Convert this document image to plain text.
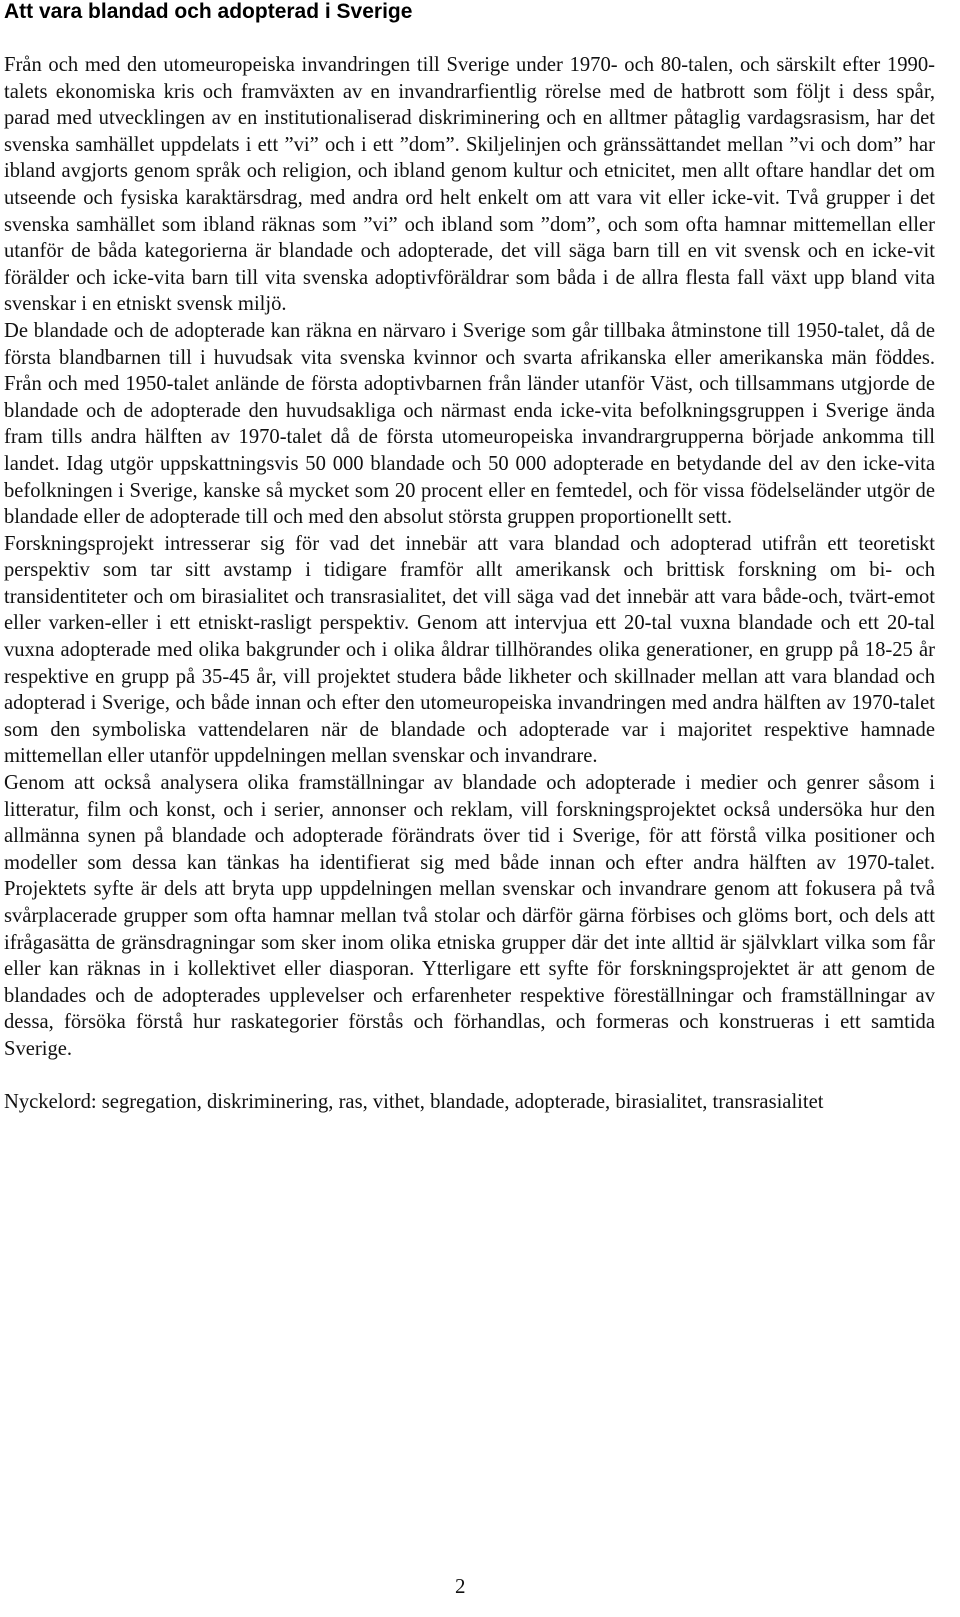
Att vara blandad och adopterad i Sverige

Från och med den utomeuropeiska invandringen till Sverige under 1970- och 80-talen, och särskilt efter 1990-talets ekonomiska kris och framväxten av en invandrarfientlig rörelse med de hatbrott som följt i dess spår, parad med utvecklingen av en institutionaliserad diskriminering och en alltmer påtaglig vardagsrasism, har det svenska samhället uppdelats i ett ”vi” och i ett ”dom”. Skiljelinjen och gränssättandet mellan ”vi och dom” har ibland avgjorts genom språk och religion, och ibland genom kultur och etnicitet, men allt oftare handlar det om utseende och fysiska karaktärsdrag, med andra ord helt enkelt om att vara vit eller icke-vit. Två grupper i det svenska samhället som ibland räknas som ”vi” och ibland som ”dom”, och som ofta hamnar mittemellan eller utanför de båda kategorierna är blandade och adopterade, det vill säga barn till en vit svensk och en icke-vit förälder och icke-vita barn till vita svenska adoptivföräldrar som båda i de allra flesta fall växt upp bland vita svenskar i en etniskt svensk miljö.

De blandade och de adopterade kan räkna en närvaro i Sverige som går tillbaka åtminstone till 1950-talet, då de första blandbarnen till i huvudsak vita svenska kvinnor och svarta afrikanska eller amerikanska män föddes. Från och med 1950-talet anlände de första adoptivbarnen från länder utanför Väst, och tillsammans utgjorde de blandade och de adopterade den huvudsakliga och närmast enda icke-vita befolkningsgruppen i Sverige ända fram tills andra hälften av 1970-talet då de första utomeuropeiska invandrargrupperna började ankomma till landet. Idag utgör uppskattningsvis 50 000 blandade och 50 000 adopterade en betydande del av den icke-vita befolkningen i Sverige, kanske så mycket som 20 procent eller en femtedel, och för vissa födelseländer utgör de blandade eller de adopterade till och med den absolut största gruppen proportionellt sett.

Forskningsprojekt intresserar sig för vad det innebär att vara blandad och adopterad utifrån ett teoretiskt perspektiv som tar sitt avstamp i tidigare framför allt amerikansk och brittisk forskning om bi- och transidentiteter och om birasialitet och transrasialitet, det vill säga vad det innebär att vara både-och, tvärt-emot eller varken-eller i ett etniskt-rasligt perspektiv. Genom att intervjua ett 20-tal vuxna blandade och ett 20-tal vuxna adopterade med olika bakgrunder och i olika åldrar tillhörandes olika generationer, en grupp på 18-25 år respektive en grupp på 35-45 år, vill projektet studera både likheter och skillnader mellan att vara blandad och adopterad i Sverige, och både innan och efter den utomeuropeiska invandringen med andra hälften av 1970-talet som den symboliska vattendelaren när de blandade och adopterade var i majoritet respektive hamnade mittemellan eller utanför uppdelningen mellan svenskar och invandrare.

Genom att också analysera olika framställningar av blandade och adopterade i medier och genrer såsom i litteratur, film och konst, och i serier, annonser och reklam, vill forskningsprojektet också undersöka hur den allmänna synen på blandade och adopterade förändrats över tid i Sverige, för att förstå vilka positioner och modeller som dessa kan tänkas ha identifierat sig med både innan och efter andra hälften av 1970-talet. Projektets syfte är dels att bryta upp uppdelningen mellan svenskar och invandrare genom att fokusera på två svårplacerade grupper som ofta hamnar mellan två stolar och därför gärna förbises och glöms bort, och dels att ifrågasätta de gränsdragningar som sker inom olika etniska grupper där det inte alltid är självklart vilka som får eller kan räknas in i kollektivet eller diasporan. Ytterligare ett syfte för forskningsprojektet är att genom de blandades och de adopterades upplevelser och erfarenheter respektive föreställningar och framställningar av dessa, försöka förstå hur raskategorier förstås och förhandlas, och formeras och konstrueras i ett samtida Sverige.

Nyckelord: segregation, diskriminering, ras, vithet, blandade, adopterade, birasialitet, transrasialitet

2
